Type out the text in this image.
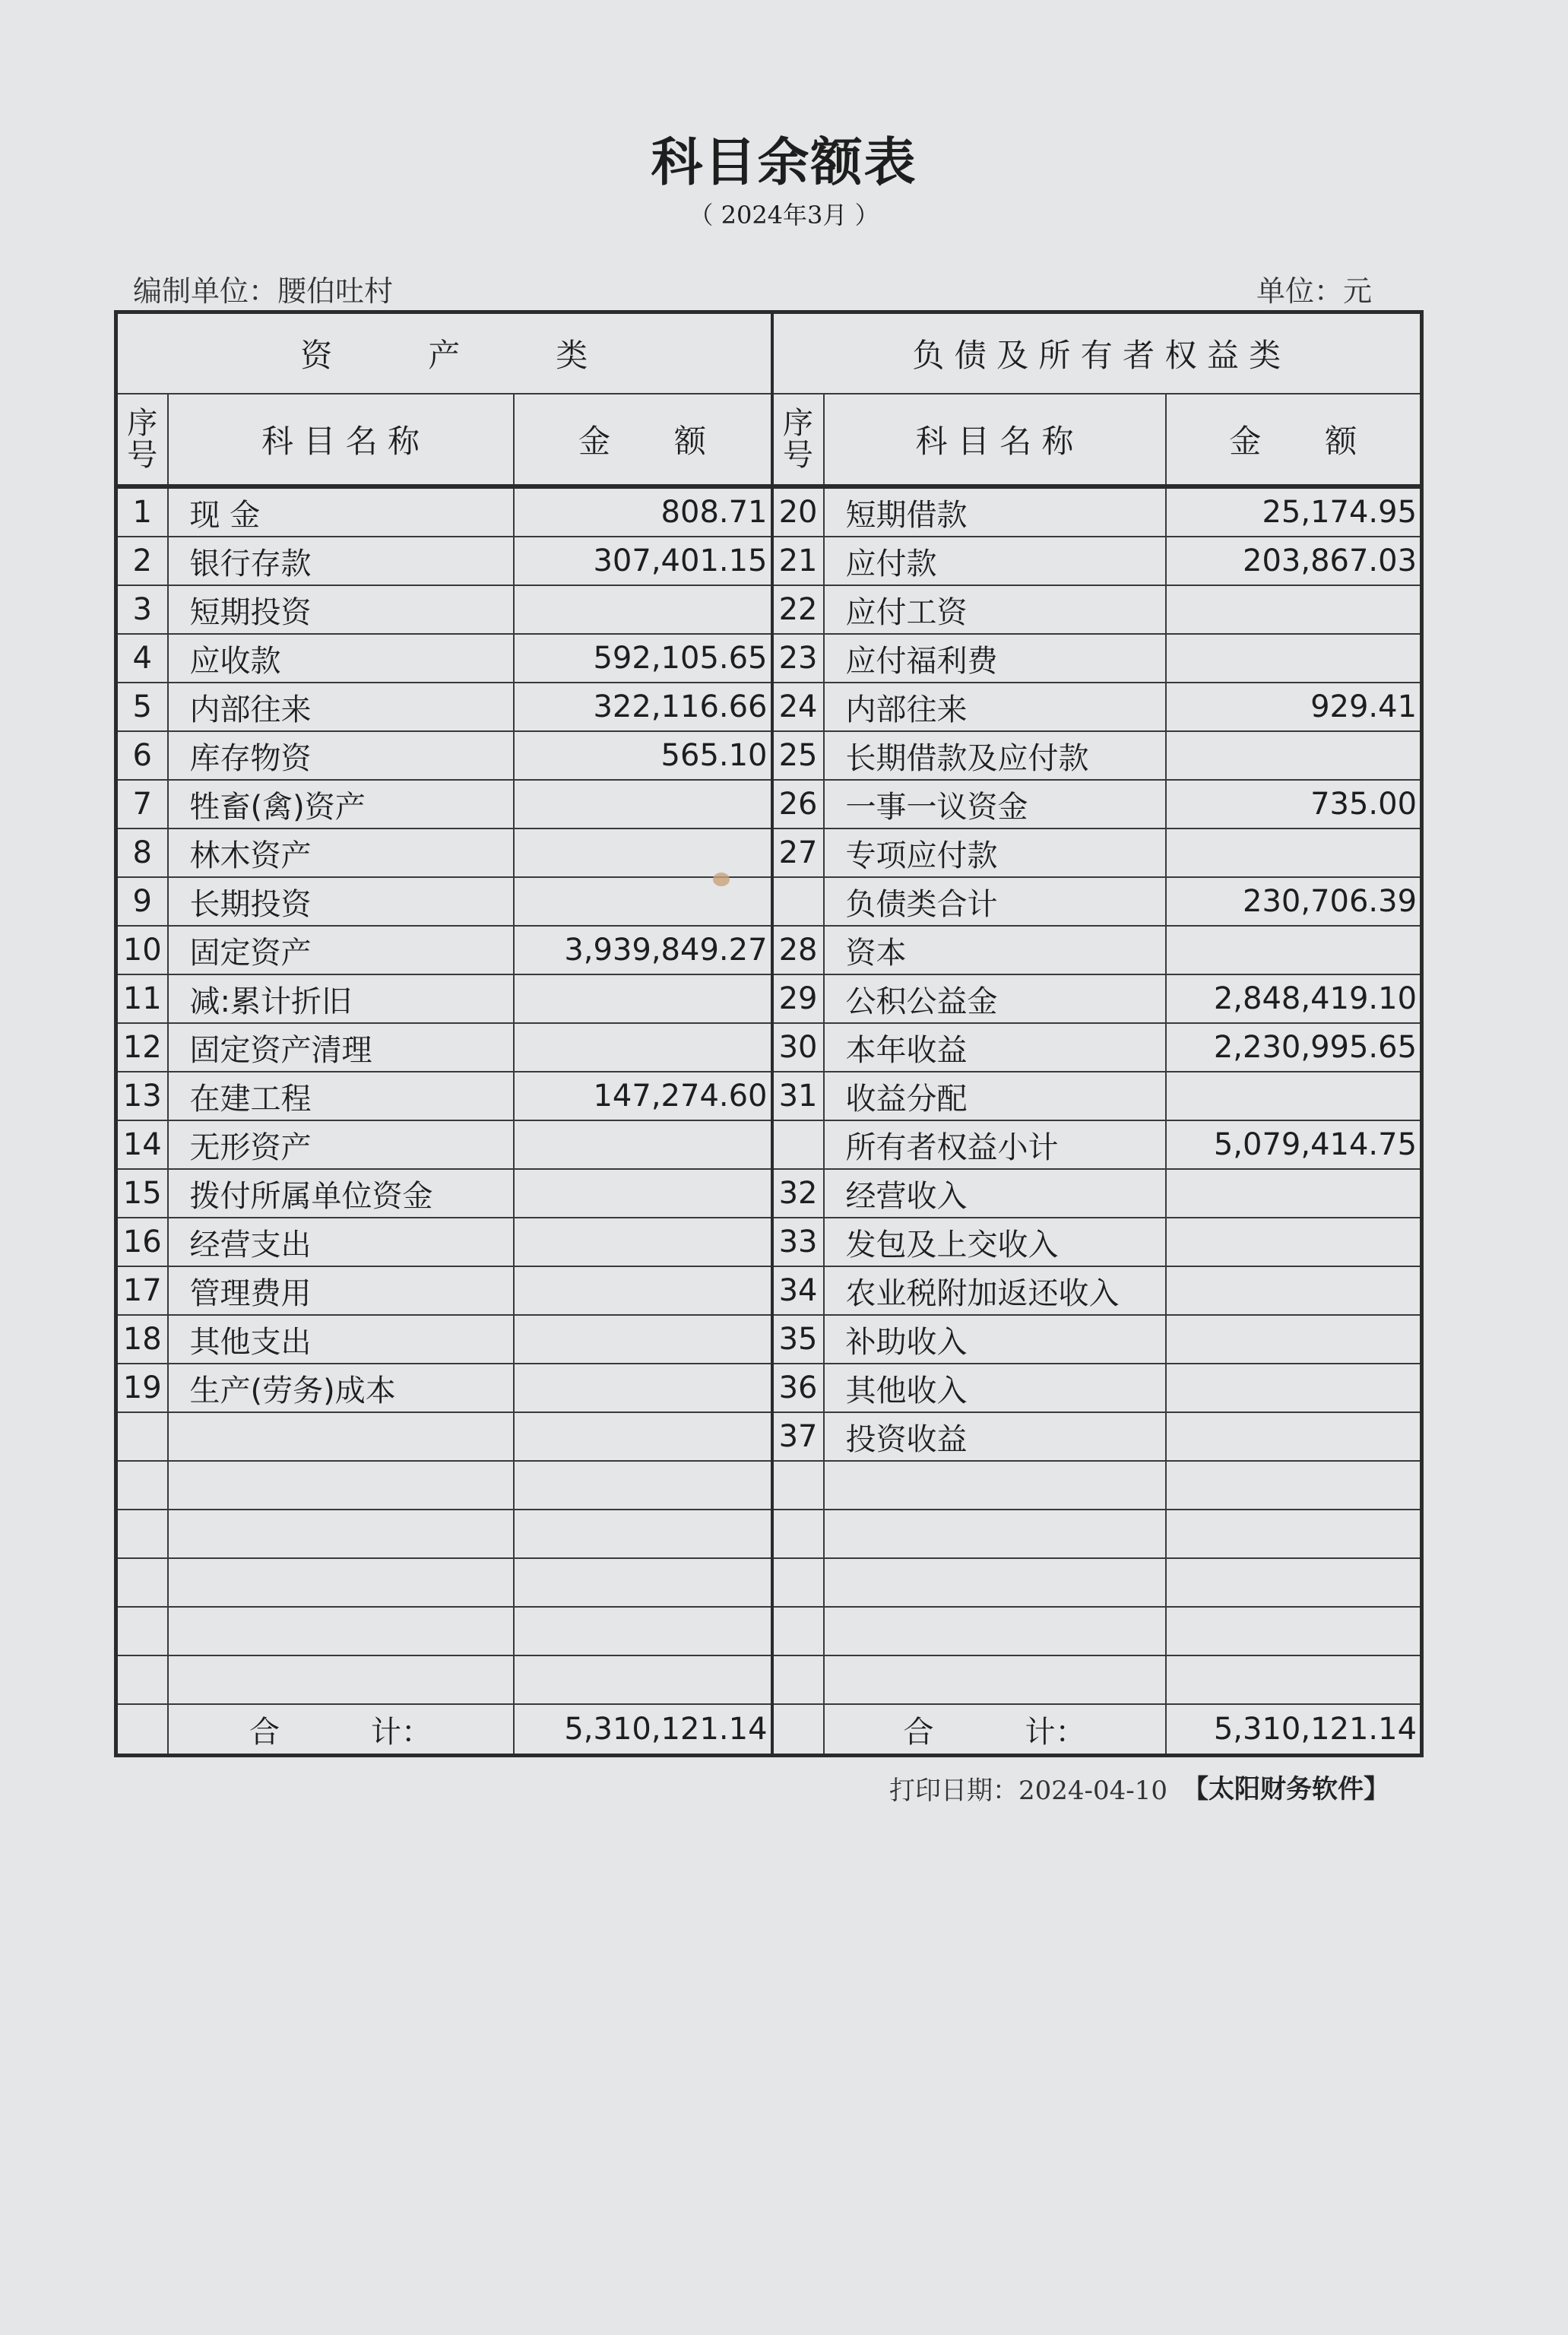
科目余额表
（ 2024年3月 ）
编制单位：腰伯吐村	单位：元
资　　　产　　　类			负 债 及 所 有 者 权 益 类		
序
号	科 目 名 称	金　　额	序
号	科 目 名 称	金　　额
1	现 金	808.71	20	短期借款	25,174.95
2	银行存款	307,401.15	21	应付款	203,867.03
3	短期投资		22	应付工资	
4	应收款	592,105.65	23	应付福利费	
5	内部往来	322,116.66	24	内部往来	929.41
6	库存物资	565.10	25	长期借款及应付款	
7	牲畜(禽)资产		26	一事一议资金	735.00
8	林木资产		27	专项应付款	
9	长期投资			负债类合计	230,706.39
10	固定资产	3,939,849.27	28	资本	
11	减:累计折旧		29	公积公益金	2,848,419.10
12	固定资产清理		30	本年收益	2,230,995.65
13	在建工程	147,274.60	31	收益分配	
14	无形资产			所有者权益小计	5,079,414.75
15	拨付所属单位资金		32	经营收入	
16	经营支出		33	发包及上交收入	
17	管理费用		34	农业税附加返还收入	
18	其他支出		35	补助收入	
19	生产(劳务)成本		36	其他收入	
			37	投资收益	

	合　　　计：	5,310,121.14		合　　　计：	5,310,121.14
打印日期：2024-04-10 【太阳财务软件】
